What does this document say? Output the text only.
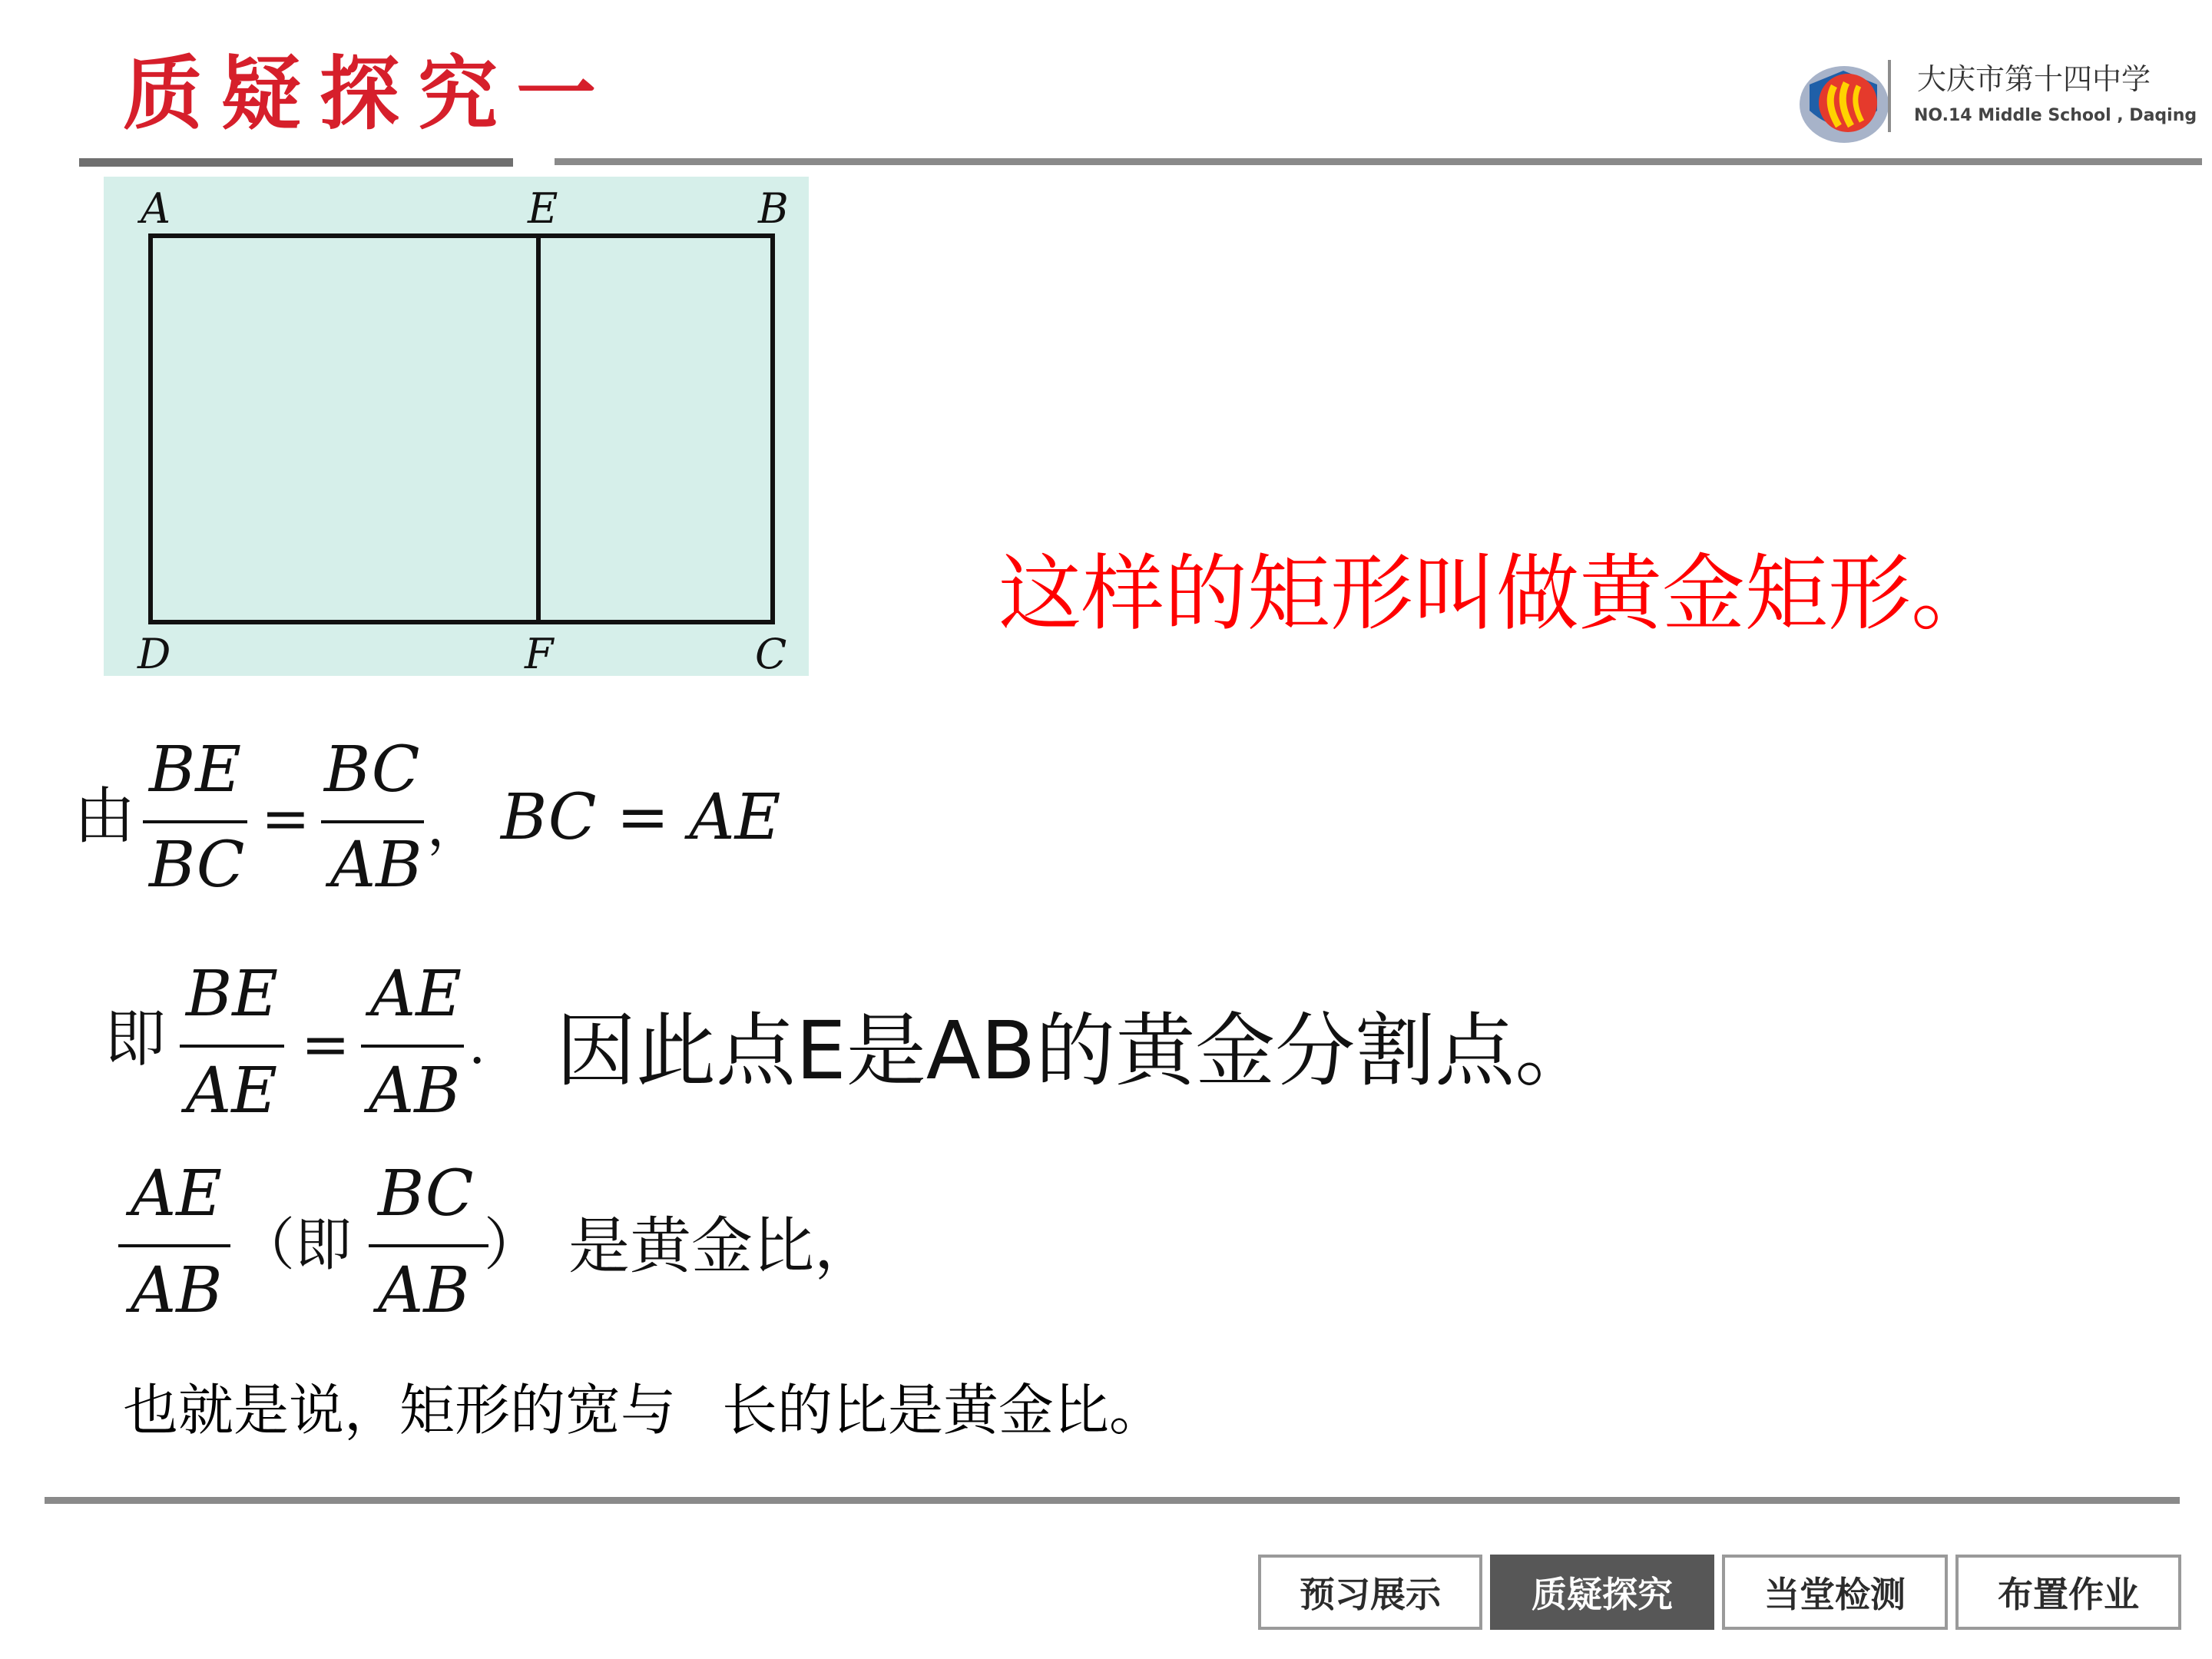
质疑探究一	大庆市第十四中学
NO.14 Middle School , Daqing
A	E	B
D	F	C
这样的矩形叫做黄金矩形。
由
BE
BC
BC
AB
= ， BC = AE
即
BE
AE
AE
AB
= . 因此点E是AB的黄金分割点。
AE
AB
BC
AB
（即 ） 是黄金比，
也就是说，矩形的宽与 长的比是黄金比。
预习展示	质疑探究	当堂检测	布置作业
